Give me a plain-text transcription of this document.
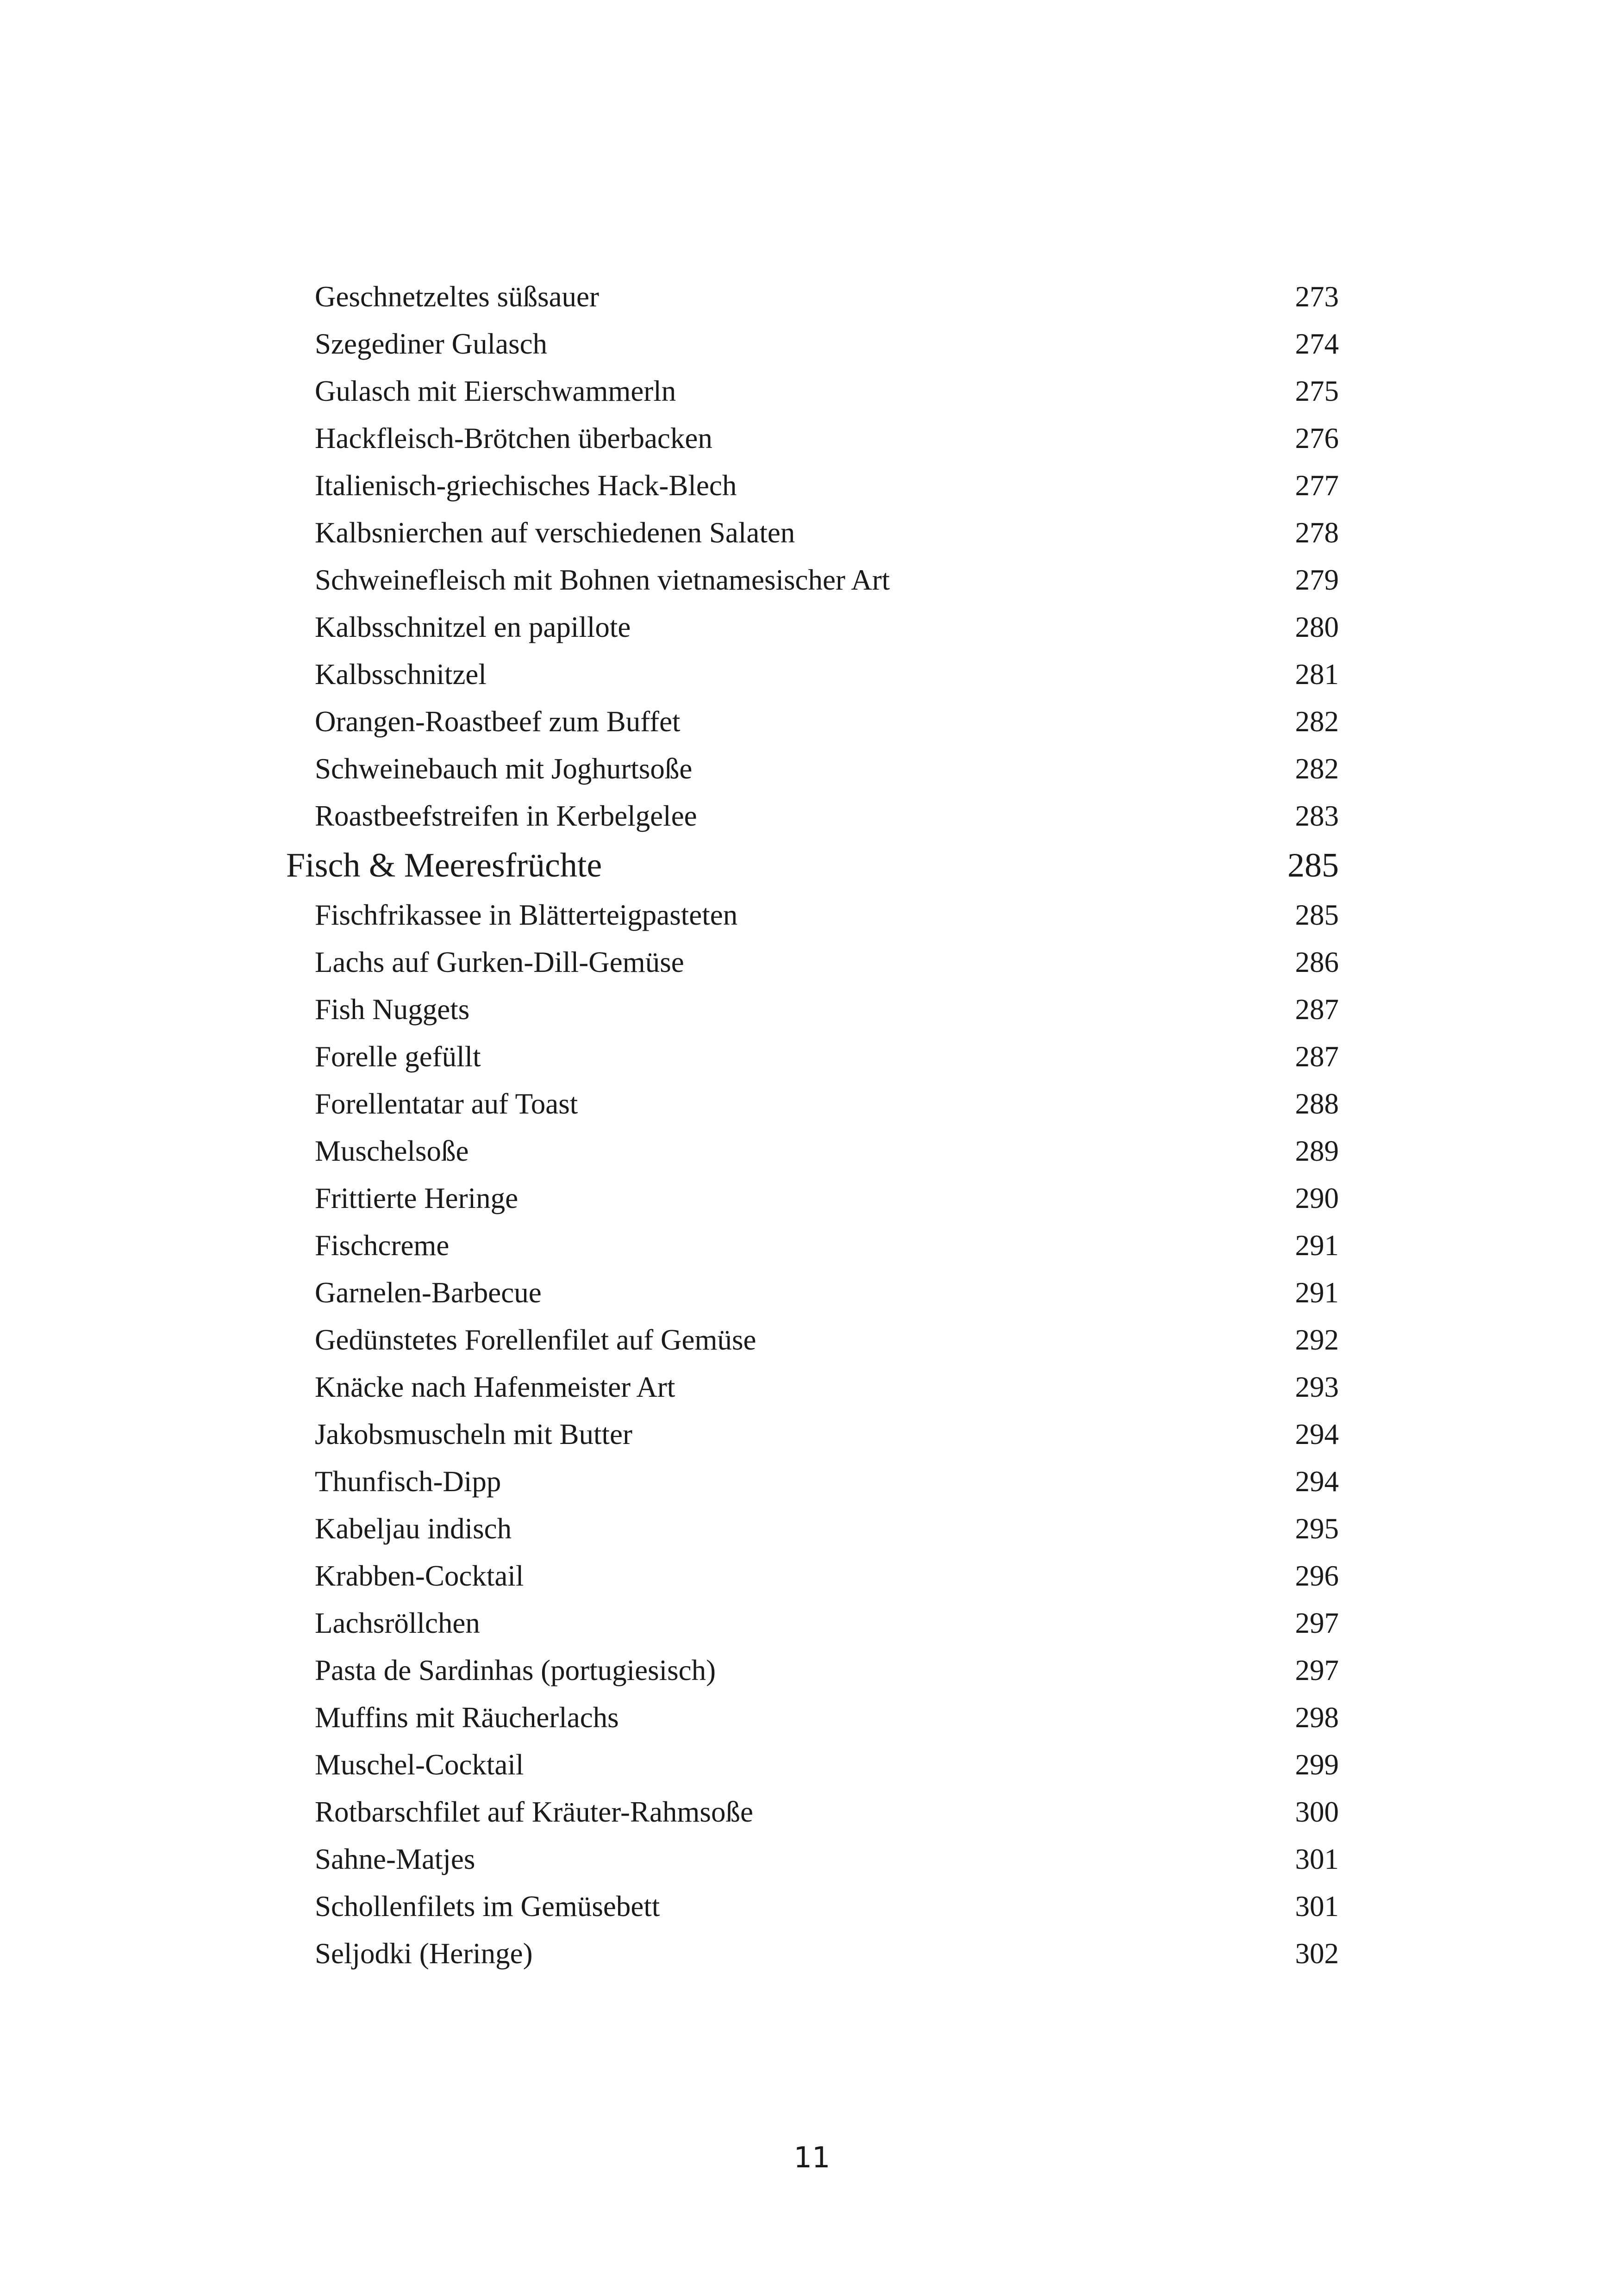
Geschnetzeltes süßsauer	273
Szegediner Gulasch	274
Gulasch mit Eierschwammerln	275
Hackfleisch-Brötchen überbacken	276
Italienisch-griechisches Hack-Blech	277
Kalbsnierchen auf verschiedenen Salaten	278
Schweinefleisch mit Bohnen vietnamesischer Art	279
Kalbsschnitzel en papillote	280
Kalbsschnitzel	281
Orangen-Roastbeef zum Buffet	282
Schweinebauch mit Joghurtsoße	282
Roastbeefstreifen in Kerbelgelee	283
Fisch & Meeresfrüchte	285
Fischfrikassee in Blätterteigpasteten	285
Lachs auf Gurken-Dill-Gemüse	286
Fish Nuggets	287
Forelle gefüllt	287
Forellentatar auf Toast	288
Muschelsoße	289
Frittierte Heringe	290
Fischcreme	291
Garnelen-Barbecue	291
Gedünstetes Forellenfilet auf Gemüse	292
Knäcke nach Hafenmeister Art	293
Jakobsmuscheln mit Butter	294
Thunfisch-Dipp	294
Kabeljau indisch	295
Krabben-Cocktail	296
Lachsröllchen	297
Pasta de Sardinhas (portugiesisch)	297
Muffins mit Räucherlachs	298
Muschel-Cocktail	299
Rotbarschfilet auf Kräuter-Rahmsoße	300
Sahne-Matjes	301
Schollenfilets im Gemüsebett	301
Seljodki (Heringe)	302
11
